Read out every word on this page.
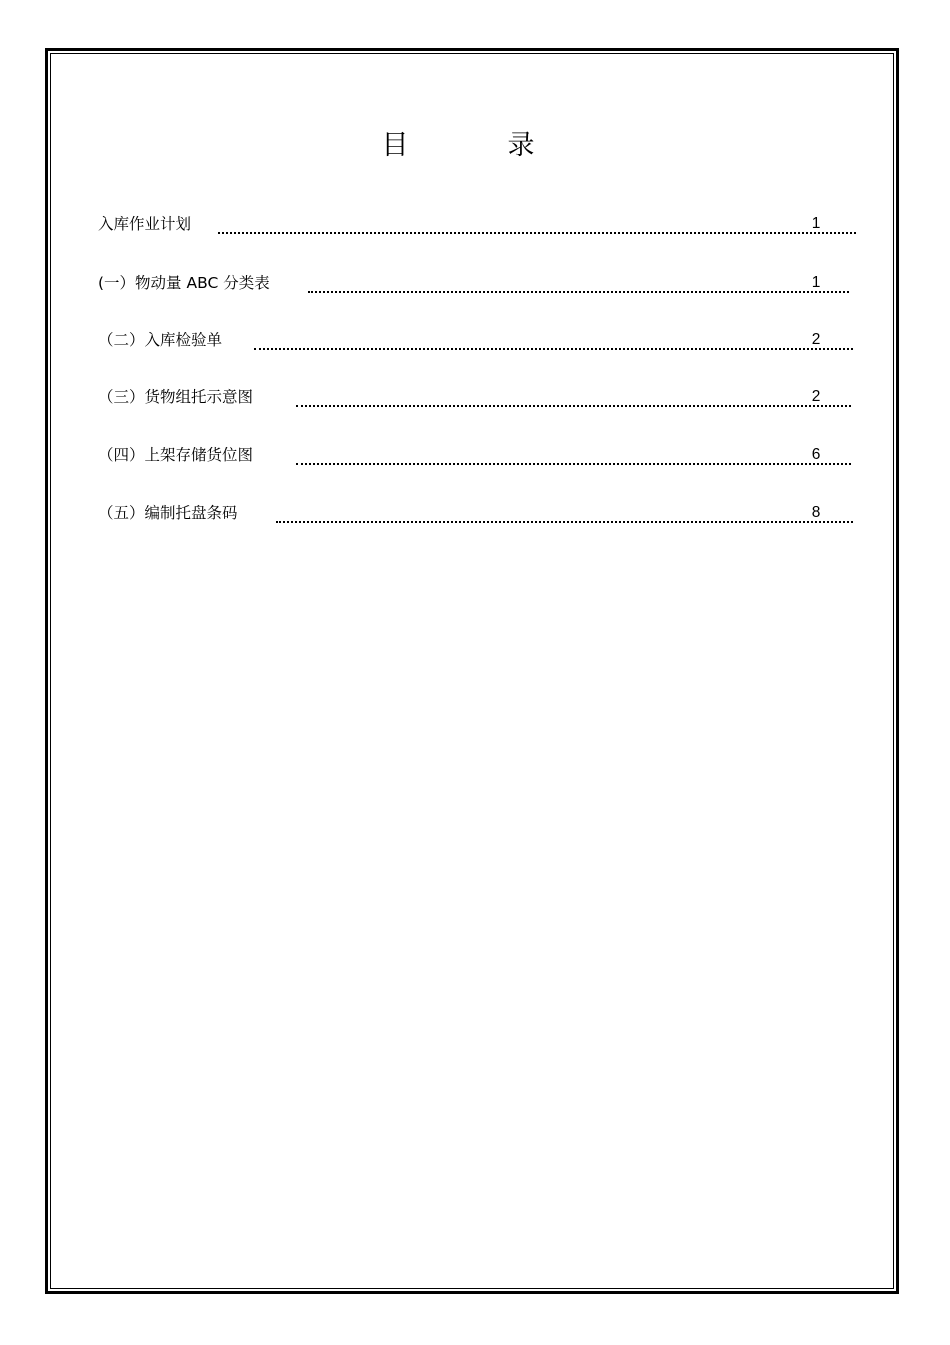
目　录
入库作业计划	1
(一）物动量 ABC 分类表	1
（二）入库检验单	2
（三）货物组托示意图	2
（四）上架存储货位图	6
（五）编制托盘条码	8
